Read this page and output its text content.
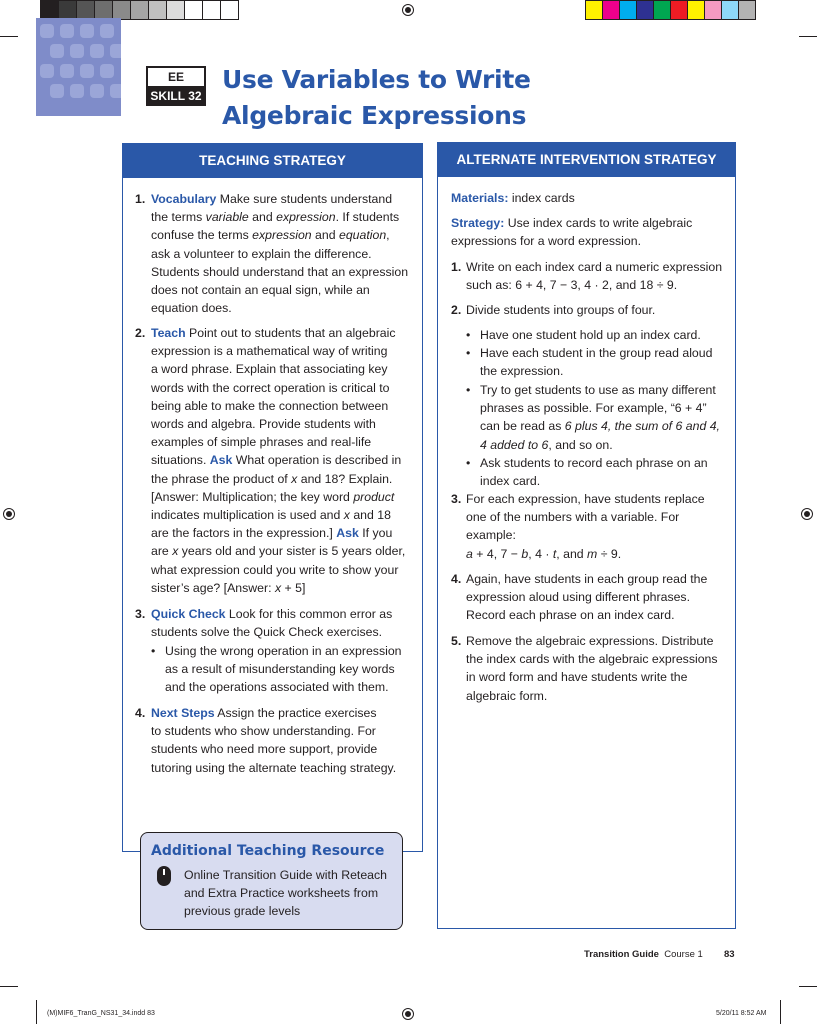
EE
SKILL 32
Use Variables to Write
Algebraic Expressions
TEACHING STRATEGY
1. Vocabulary Make sure students understand
the terms variable and expression. If students
confuse the terms expression and equation,
ask a volunteer to explain the difference.
Students should understand that an expression
does not contain an equal sign, while an
equation does.
2. Teach Point out to students that an algebraic
expression is a mathematical way of writing
a word phrase. Explain that associating key
words with the correct operation is critical to
being able to make the connection between
words and algebra. Provide students with
examples of simple phrases and real-life
situations. Ask What operation is described in
the phrase the product of x and 18? Explain.
[Answer: Multiplication; the key word product
indicates multiplication is used and x and 18
are the factors in the expression.] Ask If you
are x years old and your sister is 5 years older,
what expression could you write to show your
sister’s age? [Answer: x + 5]
3. Quick Check Look for this common error as
students solve the Quick Check exercises.
• Using the wrong operation in an expression
as a result of misunderstanding key words
and the operations associated with them.
4. Next Steps Assign the practice exercises
to students who show understanding. For
students who need more support, provide
tutoring using the alternate teaching strategy.
Additional Teaching Resource
Online Transition Guide with Reteach
and Extra Practice worksheets from
previous grade levels
ALTERNATE INTERVENTION STRATEGY
Materials: index cards
Strategy: Use index cards to write algebraic
expressions for a word expression.
1. Write on each index card a numeric expression
such as: 6 + 4, 7 − 3, 4 · 2, and 18 ÷ 9.
2. Divide students into groups of four.
• Have one student hold up an index card.
• Have each student in the group read aloud
the expression.
• Try to get students to use as many different
phrases as possible. For example, “6 + 4”
can be read as 6 plus 4, the sum of 6 and 4,
4 added to 6, and so on.
• Ask students to record each phrase on an
index card.
3. For each expression, have students replace
one of the numbers with a variable. For
example:
a + 4, 7 − b, 4 · t, and m ÷ 9.
4. Again, have students in each group read the
expression aloud using different phrases.
Record each phrase on an index card.
5. Remove the algebraic expressions. Distribute
the index cards with the algebraic expressions
in word form and have students write the
algebraic form.
Transition Guide Course 1 83
(M)MIF6_TranG_NS31_34.indd 83	5/20/11 8:52 AM
